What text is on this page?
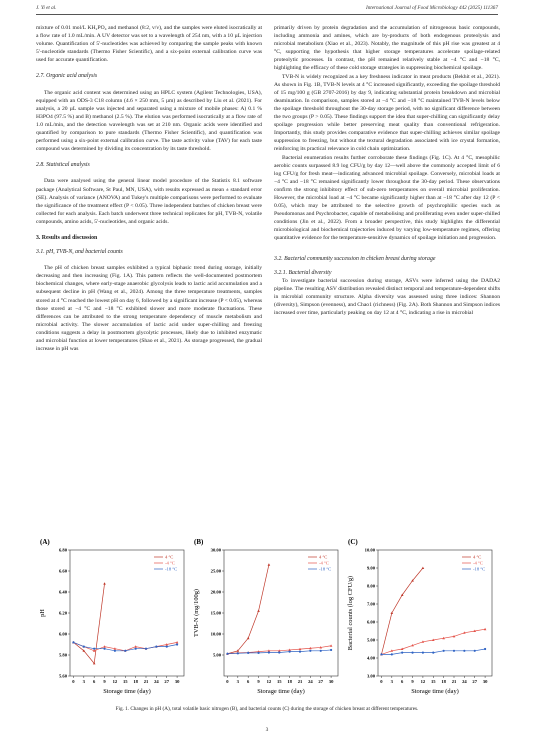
J. Yi et al.	International Journal of Food Microbiology 442 (2025) 111367

mixture of 0.01 mol/L KH₂PO₄ and methanol (8:2, v/v), and the samples were eluted isocratically at a flow rate of 1.0 mL/min. A UV detector was set to a wavelength of 254 nm, with a 10 µL injection volume. Quantification of 5′-nucleotides was achieved by comparing the sample peaks with known 5′-nucleotide standards (Thermo Fisher Scientific), and a six-point external calibration curve was used for accurate quantification.

2.7. Organic acid analysis

The organic acid content was determined using an HPLC system (Agilent Technologies, USA), equipped with an ODS-3 C18 column (4.6 × 250 mm, 5 µm) as described by Liu et al. (2021). For analysis, a 20 µL sample was injected and separated using a mixture of mobile phases: A) 0.1 % H3PO4 (97.5 %) and B) methanol (2.5 %). The elution was performed isocratically at a flow rate of 1.0 mL/min, and the detection wavelength was set at 210 nm. Organic acids were identified and quantified by comparison to pure standards (Thermo Fisher Scientific), and quantification was performed using a six-point external calibration curve. The taste activity value (TAV) for each taste compound was determined by dividing its concentration by its taste threshold.

2.8. Statistical analysis

Data were analysed using the general linear model procedure of the Statistix 8.1 software package (Analytical Software, St Paul, MN, USA), with results expressed as mean ± standard error (SE). Analysis of variance (ANOVA) and Tukey's multiple comparisons were performed to evaluate the significance of the treatment effect (P < 0.05). Three independent batches of chicken breast were collected for each analysis. Each batch underwent three technical replicates for pH, TVB-N, volatile compounds, amino acids, 5′-nucleotides, and organic acids.

3. Results and discussion

3.1. pH, TVB-N, and bacterial counts

The pH of chicken breast samples exhibited a typical biphasic trend during storage, initially decreasing and then increasing (Fig. 1A). This pattern reflects the well-documented postmortem biochemical changes, where early-stage anaerobic glycolysis leads to lactic acid accumulation and a subsequent decline in pH (Wang et al., 2024). Among the three temperature treatments, samples stored at 4 °C reached the lowest pH on day 6, followed by a significant increase (P < 0.05), whereas those stored at −4 °C and −18 °C exhibited slower and more moderate fluctuations. These differences can be attributed to the strong temperature dependency of muscle metabolism and microbial activity. The slower accumulation of lactic acid under super-chilling and freezing conditions suggests a delay in postmortem glycolytic processes, likely due to inhibited enzymatic and microbial function at lower temperatures (Shao et al., 2021). As storage progressed, the gradual increase in pH was

primarily driven by protein degradation and the accumulation of nitrogenous basic compounds, including ammonia and amines, which are by-products of both endogenous proteolysis and microbial metabolism (Xiao et al., 2023). Notably, the magnitude of this pH rise was greatest at 4 °C, supporting the hypothesis that higher storage temperatures accelerate spoilage-related proteolytic processes. In contrast, the pH remained relatively stable at −4 °C and −18 °C, highlighting the efficacy of these cold storage strategies in suppressing biochemical spoilage.

TVB-N is widely recognized as a key freshness indicator in meat products (Bekhit et al., 2021). As shown in Fig. 1B, TVB-N levels at 4 °C increased significantly, exceeding the spoilage threshold of 15 mg/100 g (GB 2707-2016) by day 9, indicating substantial protein breakdown and microbial deamination. In comparison, samples stored at −4 °C and −18 °C maintained TVB-N levels below the spoilage threshold throughout the 30-day storage period, with no significant difference between the two groups (P > 0.05). These findings support the idea that super-chilling can significantly delay spoilage progression while better preserving meat quality than conventional refrigeration. Importantly, this study provides comparative evidence that super-chilling achieves similar spoilage suppression to freezing, but without the textural degradation associated with ice crystal formation, reinforcing its practical relevance in cold chain optimization.

Bacterial enumeration results further corroborate these findings (Fig. 1C). At 4 °C, mesophilic aerobic counts surpassed 8.9 log CFU/g by day 12—well above the commonly accepted limit of 6 log CFU/g for fresh meat—indicating advanced microbial spoilage. Conversely, microbial loads at −4 °C and −18 °C remained significantly lower throughout the 30-day period. These observations confirm the strong inhibitory effect of sub-zero temperatures on overall microbial proliferation. However, the microbial load at −4 °C became significantly higher than at −18 °C after day 12 (P < 0.05), which may be attributed to the selective growth of psychrophilic species such as Pseudomonas and Psychrobacter, capable of metabolising and proliferating even under super-chilled conditions (Jin et al., 2022). From a broader perspective, this study highlights the differential microbiological and biochemical trajectories induced by varying low-temperature regimes, offering quantitative evidence for the temperature-sensitive dynamics of spoilage initiation and progression.

3.2. Bacterial community succession in chicken breast during storage

3.2.1. Bacterial diversity

To investigate bacterial succession during storage, ASVs were inferred using the DADA2 pipeline. The resulting ASV distribution revealed distinct temporal and temperature-dependent shifts in microbial community structure. Alpha diversity was assessed using three indices: Shannon (diversity), Simpson (evenness), and Chao1 (richness) (Fig. 2A). Both Shannon and Simpson indices increased over time, particularly peaking on day 12 at 4 °C, indicating a rise in microbial

(A)
5.60
5.80
6.00
6.20
6.40
6.60
6.80
0 3 6 9 12 15 18 21 24 27 30
Storage time (day)
pH
4 °C
-4 °C
-18 °C
(B)
5.00
10.00
15.00
20.00
25.00
30.00
0 3 6 9 12 15 18 21 24 27 30
Storage time (day)
TVB-N (mg/100g)
4 °C
-4 °C
-18 °C
(C)
3.00
4.00
5.00
6.00
7.00
8.00
9.00
10.00
0 3 6 9 12 15 18 21 24 27 30
Storage time (day)
Bacterial counts (log CFU/g)
4 °C
-4 °C
-18 °C
Fig. 1. Changes in pH (A), total volatile basic nitrogen (B), and bacterial counts (C) during the storage of chicken breast at different temperatures.
3
